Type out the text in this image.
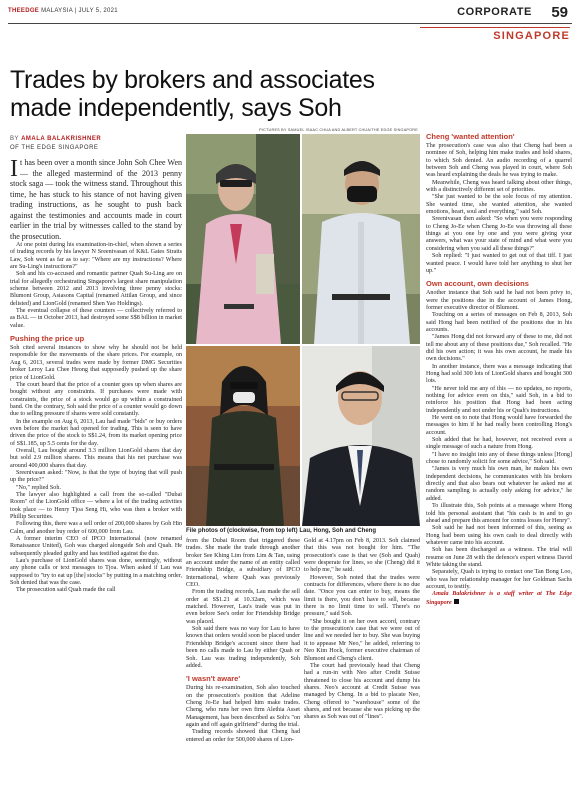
THEEDGE MALAYSIA | JULY 5, 2021	CORPORATE 59
SINGAPORE
Trades by brokers and associates made independently, says Soh
BY AMALA BALAKRISHNER
OF THE EDGE SINGAPORE
It has been over a month since John Soh Chee Wen — the alleged mastermind of the 2013 penny stock saga — took the witness stand. Throughout this time, he has stuck to his stance of not having given trading instructions, as he sought to push back against the testimonies and accounts made in court earlier in the trial by witnesses called to the stand by the prosecution.

At one point during his examination-in-chief, when shown a series of trading records by his lawyer N Sreenivasan of K&L Gates Straits Law, Soh went as far as to say: "Where are my instructions? Where are Su-Ling's instructions?"

Soh and his co-accused and romantic partner Quah Su-Ling are on trial for allegedly orchestrating Singapore's largest share manipulation scheme between 2012 and 2013 involving three penny stocks: Blumont Group, Asiasons Capital (renamed Attilan Group, and since delisted) and LionGold (renamed Shen Yao Holdings).

The eventual collapse of these counters — collectively referred to as BAL — in October 2013, had destroyed some S$8 billion in market value.

Pushing the price up

Soh cited several instances to show why he should not be held responsible for the movements of the share prices. For example, on Aug 6, 2013, several trades were made by former DMG Securities broker Leroy Lau Chee Heong that supposedly pushed up the share price of LionGold.

The court heard that the price of a counter goes up when shares are bought without any constraints. If purchases were made with constraints, the price of a stock would go up within a constrained band. On the contrary, Soh said the price of a counter would go down due to selling pressure if shares were sold constantly.

In the example on Aug 6, 2013, Lau had made "bids" or buy orders even before the market had opened for trading. This is seen to have driven the price of the stock to S$1.24, from its market opening price of S$1.185, up 5.5 cents for the day.

Overall, Lau bought around 3.3 million LionGold shares that day but sold 2.9 million shares. This means that his net purchase was around 400,000 shares that day.

Sreenivasan asked: "Now, is that the type of buying that will push up the price?"

"No," replied Soh.

The lawyer also highlighted a call from the so-called "Dubai Room" of the LionGold office — where a lot of the trading activities took place — to Henry Tjoa Seng Hi, who was then a broker with Phillip Securities.

Following this, there was a sell order of 200,000 shares by Goh Hin Calm, and another buy order of 600,000 from Lau.

A former interim CEO of IPCO International (now renamed Renaissance United), Goh was charged alongside Soh and Quah. He subsequently pleaded guilty and has testified against the duo.

Lau's purchase of LionGold shares was done, seemingly, without any phone calls or text messages to Tjoa. When asked if Lau was supposed to "try to eat up [the] stocks" by putting in a matching order, Soh denied that was the case.

The prosecution said Quah made the call

PICTURES BY SAMUEL ISAAC CHUA AND ALBERT CHUA/THE EDGE SINGAPORE
File photos of (clockwise, from top left) Lau, Hong, Soh and Cheng

from the Dubai Room that triggered these trades. She made the trade through another broker See Khing Lim from Lim & Tan, using an account under the name of an entity called Friendship Bridge, a subsidiary of IPCO International, where Quah was previously CEO.

From the trading records, Lau made the sell order at S$1.21 at 10.32am, which was matched. However, Lau's trade was put in even before See's order for Friendship Bridge was placed.

Soh said there was no way for Lau to have known that orders would soon be placed under Friendship Bridge's account since there had been no calls made to Lau by either Quah or Soh. Lau was trading independently, Soh added.

'I wasn't aware'

During his re-examination, Soh also touched on the prosecution's position that Adeline Cheng Jo-Ee had helped him make trades. Cheng, who runs her own firm Alethia Asset Management, has been described as Soh's "on again and off again girlfriend" during the trial.

Trading records showed that Cheng had entered an order for 500,000 shares of Lion-

Gold at 4.17pm on Feb 8, 2013. Soh claimed that this was not bought for him. "The prosecution's case is that we (Soh and Quah) were desperate for lines, so she (Cheng) did it to help me," he said.

However, Soh noted that the trades were contracts for differences, where there is no due date. "Once you can enter to buy, means the limit is there, you don't have to sell, because there is no limit time to sell. There's no pressure," said Soh.

"She bought it on her own accord, contrary to the prosecution's case that we were out of line and we needed her to buy. She was buying it to appease Mr Neo," he added, referring to Neo Kim Hock, former executive chairman of Blumont and Cheng's client.

The court had previously head that Cheng had a run-in with Neo after Credit Suisse threatened to close his account and dump his shares. Neo's account at Credit Suisse was managed by Cheng. In a bid to placate Neo, Cheng offered to "warehouse" some of the shares, and not because she was picking up the shares as Soh was out of "lines".

Cheng 'wanted attention'

The prosecution's case was also that Cheng had been a nominee of Soh, helping him make trades and hold shares, to which Soh denied. An audio recording of a quarrel between Soh and Cheng was played in court, where Soh was heard explaining the deals he was trying to make.

Meanwhile, Cheng was heard talking about other things, with a distinctively different set of priorities.

"She just wanted to be the sole focus of my attention. She wanted time, she wanted attention, she wanted emotions, heart, soul and everything," said Soh.

Sreenivasan then asked: "So when you were responding to Cheng Jo-Ee when Cheng Jo-Ee was throwing all these things at you one by one and you were giving your answers, what was your state of mind and what were you considering when you said all these things?"

Soh replied: "I just wanted to get out of that tiff. I just wanted peace. I would have told her anything to shut her up."

Own account, own decisions

Another instance that Soh said he had not been privy to, were the positions due in the account of James Hong, former executive director of Blumont.

Touching on a series of messages on Feb 8, 2013, Soh said Hong had been notified of the positions due in his accounts.

"James Hong did not forward any of these to me, did not tell me about any of these positions due," Soh recalled. "He did his own action; it was his own account, he made his own decisions."

In another instance, there was a message indicating that Hong had sold 300 lots of LionGold shares and bought 300 lots.

"He never told me any of this — no updates, no reports, nothing for advice even on this," said Soh, in a bid to reinforce his position that Hong had been acting independently and not under his or Quah's instructions.

He went on to note that Hong would have forwarded the messages to him if he had really been controlling Hong's account.

Soh added that he had, however, not received even a single message of such a nature from Hong.

"I have no insight into any of these things unless [Hong] chose to randomly solicit for some advice," Soh said.

"James is very much his own man, he makes his own independent decisions, he communicates with his brokers directly and that also bears out whatever he asked me at random sampling is actually only asking for advice," he added.

To illustrate this, Soh points at a message where Hong told his personal assistant that "his cash is in and to go ahead and prepare this amount for contra losses for Henry".

Soh said he had not been informed of this, seeing as Hong had been using his own cash to deal directly with whatever came into his account.

Soh has been discharged as a witness. The trial will resume on June 28 with the defence's expert witness David White taking the stand.

Separately, Quah is trying to contact one Tan Bong Loo, who was her relationship manager for her Goldman Sachs account, to testify.

Amala Balakrishner is a staff writer at The Edge Singapore
